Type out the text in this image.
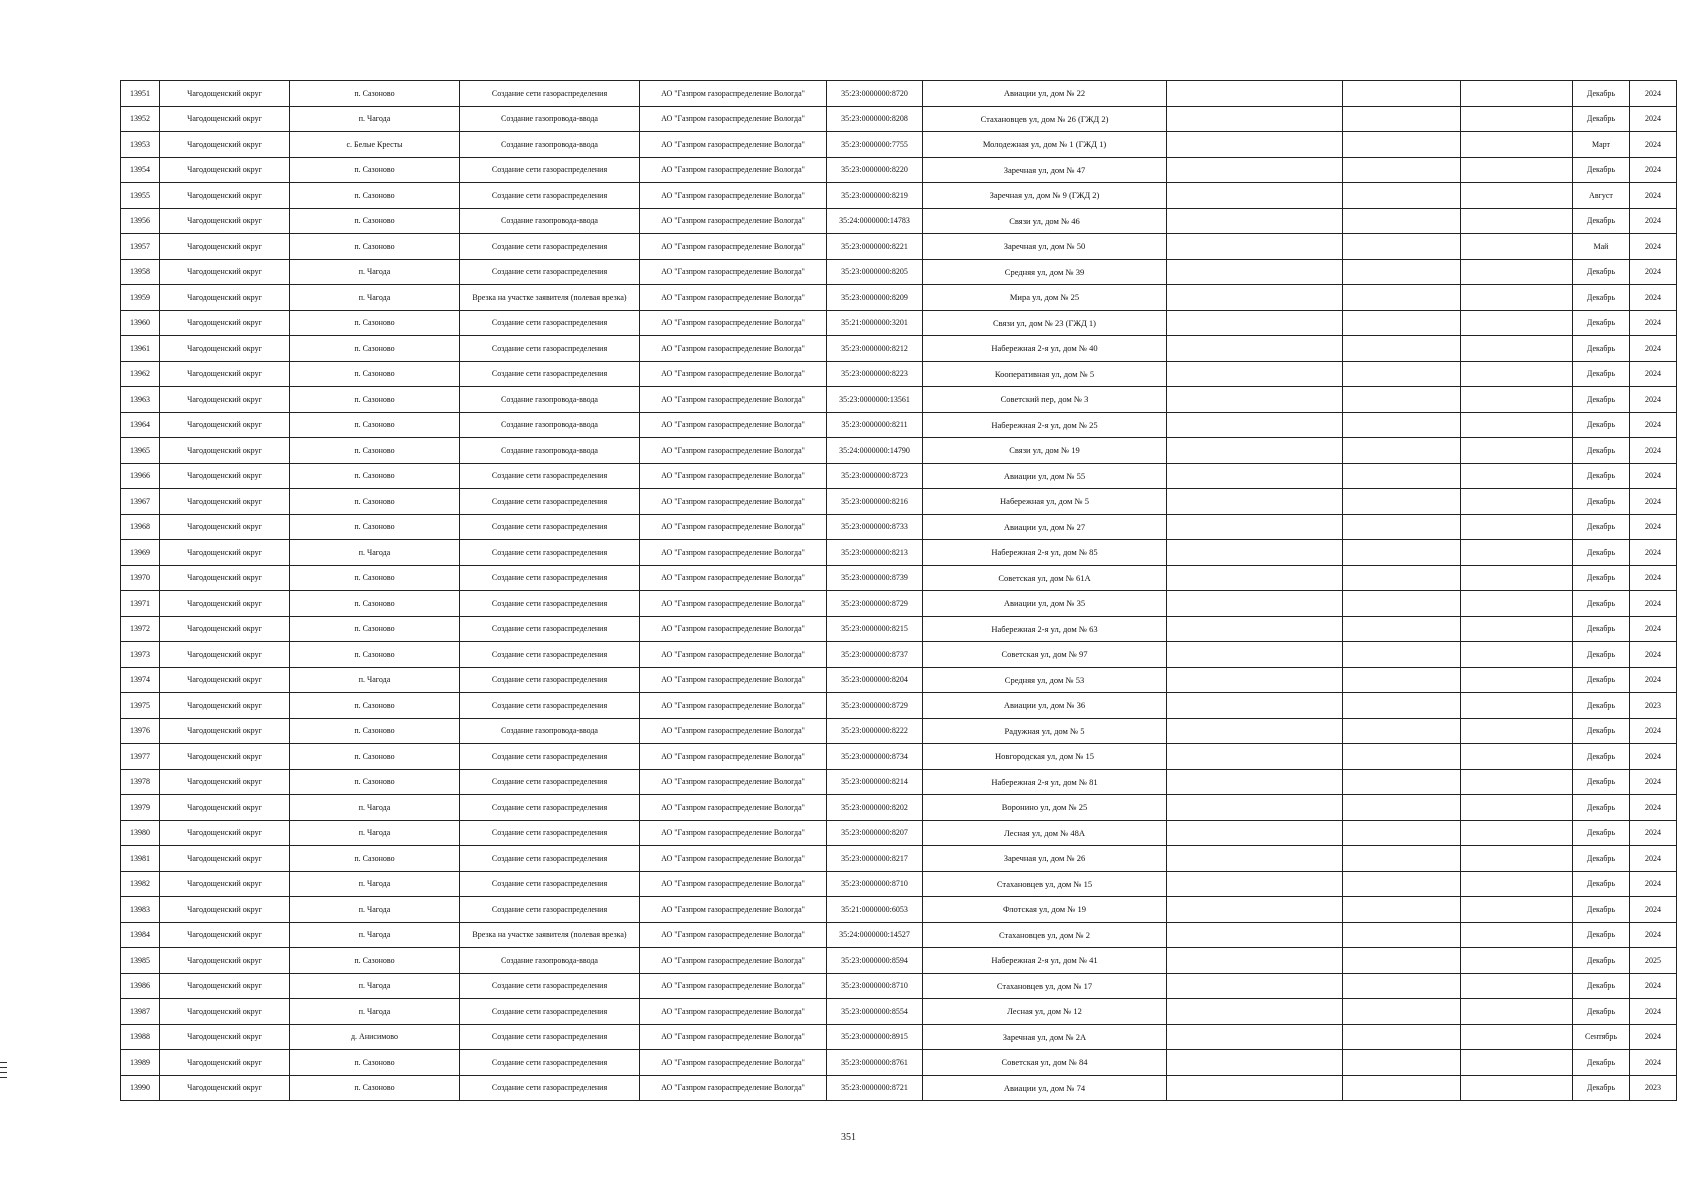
13951	Чагодощенский округ	п. Сазоново	Создание сети газораспределения	АО "Газпром газораспределение Вологда"	35:23:0000000:8720	Авиации ул, дом № 22				Декабрь	2024
13952	Чагодощенский округ	п. Чагода	Создание газопровода-ввода	АО "Газпром газораспределение Вологда"	35:23:0000000:8208	Стахановцев ул, дом № 26 (ГЖД 2)				Декабрь	2024
13953	Чагодощенский округ	с. Белые Кресты	Создание газопровода-ввода	АО "Газпром газораспределение Вологда"	35:23:0000000:7755	Молодежная ул, дом № 1 (ГЖД 1)				Март	2024
13954	Чагодощенский округ	п. Сазоново	Создание сети газораспределения	АО "Газпром газораспределение Вологда"	35:23:0000000:8220	Заречная ул, дом № 47				Декабрь	2024
13955	Чагодощенский округ	п. Сазоново	Создание сети газораспределения	АО "Газпром газораспределение Вологда"	35:23:0000000:8219	Заречная ул, дом № 9 (ГЖД 2)				Август	2024
13956	Чагодощенский округ	п. Сазоново	Создание газопровода-ввода	АО "Газпром газораспределение Вологда"	35:24:0000000:14783	Связи ул, дом № 46				Декабрь	2024
13957	Чагодощенский округ	п. Сазоново	Создание сети газораспределения	АО "Газпром газораспределение Вологда"	35:23:0000000:8221	Заречная ул, дом № 50				Май	2024
13958	Чагодощенский округ	п. Чагода	Создание сети газораспределения	АО "Газпром газораспределение Вологда"	35:23:0000000:8205	Средняя ул, дом № 39				Декабрь	2024
13959	Чагодощенский округ	п. Чагода	Врезка на участке заявителя (полевая врезка)	АО "Газпром газораспределение Вологда"	35:23:0000000:8209	Мира ул, дом № 25				Декабрь	2024
13960	Чагодощенский округ	п. Сазоново	Создание сети газораспределения	АО "Газпром газораспределение Вологда"	35:21:0000000:3201	Связи ул, дом № 23 (ГЖД 1)				Декабрь	2024
13961	Чагодощенский округ	п. Сазоново	Создание сети газораспределения	АО "Газпром газораспределение Вологда"	35:23:0000000:8212	Набережная 2-я ул, дом № 40				Декабрь	2024
13962	Чагодощенский округ	п. Сазоново	Создание сети газораспределения	АО "Газпром газораспределение Вологда"	35:23:0000000:8223	Кооперативная ул, дом № 5				Декабрь	2024
13963	Чагодощенский округ	п. Сазоново	Создание газопровода-ввода	АО "Газпром газораспределение Вологда"	35:23:0000000:13561	Советский пер, дом № 3				Декабрь	2024
13964	Чагодощенский округ	п. Сазоново	Создание газопровода-ввода	АО "Газпром газораспределение Вологда"	35:23:0000000:8211	Набережная 2-я ул, дом № 25				Декабрь	2024
13965	Чагодощенский округ	п. Сазоново	Создание газопровода-ввода	АО "Газпром газораспределение Вологда"	35:24:0000000:14790	Связи ул, дом № 19				Декабрь	2024
13966	Чагодощенский округ	п. Сазоново	Создание сети газораспределения	АО "Газпром газораспределение Вологда"	35:23:0000000:8723	Авиации ул, дом № 55				Декабрь	2024
13967	Чагодощенский округ	п. Сазоново	Создание сети газораспределения	АО "Газпром газораспределение Вологда"	35:23:0000000:8216	Набережная ул, дом № 5				Декабрь	2024
13968	Чагодощенский округ	п. Сазоново	Создание сети газораспределения	АО "Газпром газораспределение Вологда"	35:23:0000000:8733	Авиации ул, дом № 27				Декабрь	2024
13969	Чагодощенский округ	п. Чагода	Создание сети газораспределения	АО "Газпром газораспределение Вологда"	35:23:0000000:8213	Набережная 2-я ул, дом № 85				Декабрь	2024
13970	Чагодощенский округ	п. Сазоново	Создание сети газораспределения	АО "Газпром газораспределение Вологда"	35:23:0000000:8739	Советская ул, дом № 61А				Декабрь	2024
13971	Чагодощенский округ	п. Сазоново	Создание сети газораспределения	АО "Газпром газораспределение Вологда"	35:23:0000000:8729	Авиации ул, дом № 35				Декабрь	2024
13972	Чагодощенский округ	п. Сазоново	Создание сети газораспределения	АО "Газпром газораспределение Вологда"	35:23:0000000:8215	Набережная 2-я ул, дом № 63				Декабрь	2024
13973	Чагодощенский округ	п. Сазоново	Создание сети газораспределения	АО "Газпром газораспределение Вологда"	35:23:0000000:8737	Советская ул, дом № 97				Декабрь	2024
13974	Чагодощенский округ	п. Чагода	Создание сети газораспределения	АО "Газпром газораспределение Вологда"	35:23:0000000:8204	Средняя ул, дом № 53				Декабрь	2024
13975	Чагодощенский округ	п. Сазоново	Создание сети газораспределения	АО "Газпром газораспределение Вологда"	35:23:0000000:8729	Авиации ул, дом № 36				Декабрь	2023
13976	Чагодощенский округ	п. Сазоново	Создание газопровода-ввода	АО "Газпром газораспределение Вологда"	35:23:0000000:8222	Радужная ул, дом № 5				Декабрь	2024
13977	Чагодощенский округ	п. Сазоново	Создание сети газораспределения	АО "Газпром газораспределение Вологда"	35:23:0000000:8734	Новгородская ул, дом № 15				Декабрь	2024
13978	Чагодощенский округ	п. Сазоново	Создание сети газораспределения	АО "Газпром газораспределение Вологда"	35:23:0000000:8214	Набережная 2-я ул, дом № 81				Декабрь	2024
13979	Чагодощенский округ	п. Чагода	Создание сети газораспределения	АО "Газпром газораспределение Вологда"	35:23:0000000:8202	Воронино ул, дом № 25				Декабрь	2024
13980	Чагодощенский округ	п. Чагода	Создание сети газораспределения	АО "Газпром газораспределение Вологда"	35:23:0000000:8207	Лесная ул, дом № 48А				Декабрь	2024
13981	Чагодощенский округ	п. Сазоново	Создание сети газораспределения	АО "Газпром газораспределение Вологда"	35:23:0000000:8217	Заречная ул, дом № 26				Декабрь	2024
13982	Чагодощенский округ	п. Чагода	Создание сети газораспределения	АО "Газпром газораспределение Вологда"	35:23:0000000:8710	Стахановцев ул, дом № 15				Декабрь	2024
13983	Чагодощенский округ	п. Чагода	Создание сети газораспределения	АО "Газпром газораспределение Вологда"	35:21:0000000:6053	Флотская ул, дом № 19				Декабрь	2024
13984	Чагодощенский округ	п. Чагода	Врезка на участке заявителя (полевая врезка)	АО "Газпром газораспределение Вологда"	35:24:0000000:14527	Стахановцев ул, дом № 2				Декабрь	2024
13985	Чагодощенский округ	п. Сазоново	Создание газопровода-ввода	АО "Газпром газораспределение Вологда"	35:23:0000000:8594	Набережная 2-я ул, дом № 41				Декабрь	2025
13986	Чагодощенский округ	п. Чагода	Создание сети газораспределения	АО "Газпром газораспределение Вологда"	35:23:0000000:8710	Стахановцев ул, дом № 17				Декабрь	2024
13987	Чагодощенский округ	п. Чагода	Создание сети газораспределения	АО "Газпром газораспределение Вологда"	35:23:0000000:8554	Лесная ул, дом № 12				Декабрь	2024
13988	Чагодощенский округ	д. Анисимово	Создание сети газораспределения	АО "Газпром газораспределение Вологда"	35:23:0000000:8915	Заречная ул, дом № 2А				Сентябрь	2024
13989	Чагодощенский округ	п. Сазоново	Создание сети газораспределения	АО "Газпром газораспределение Вологда"	35:23:0000000:8761	Советская ул, дом № 84				Декабрь	2024
13990	Чагодощенский округ	п. Сазоново	Создание сети газораспределения	АО "Газпром газораспределение Вологда"	35:23:0000000:8721	Авиации ул, дом № 74				Декабрь	2023
351
